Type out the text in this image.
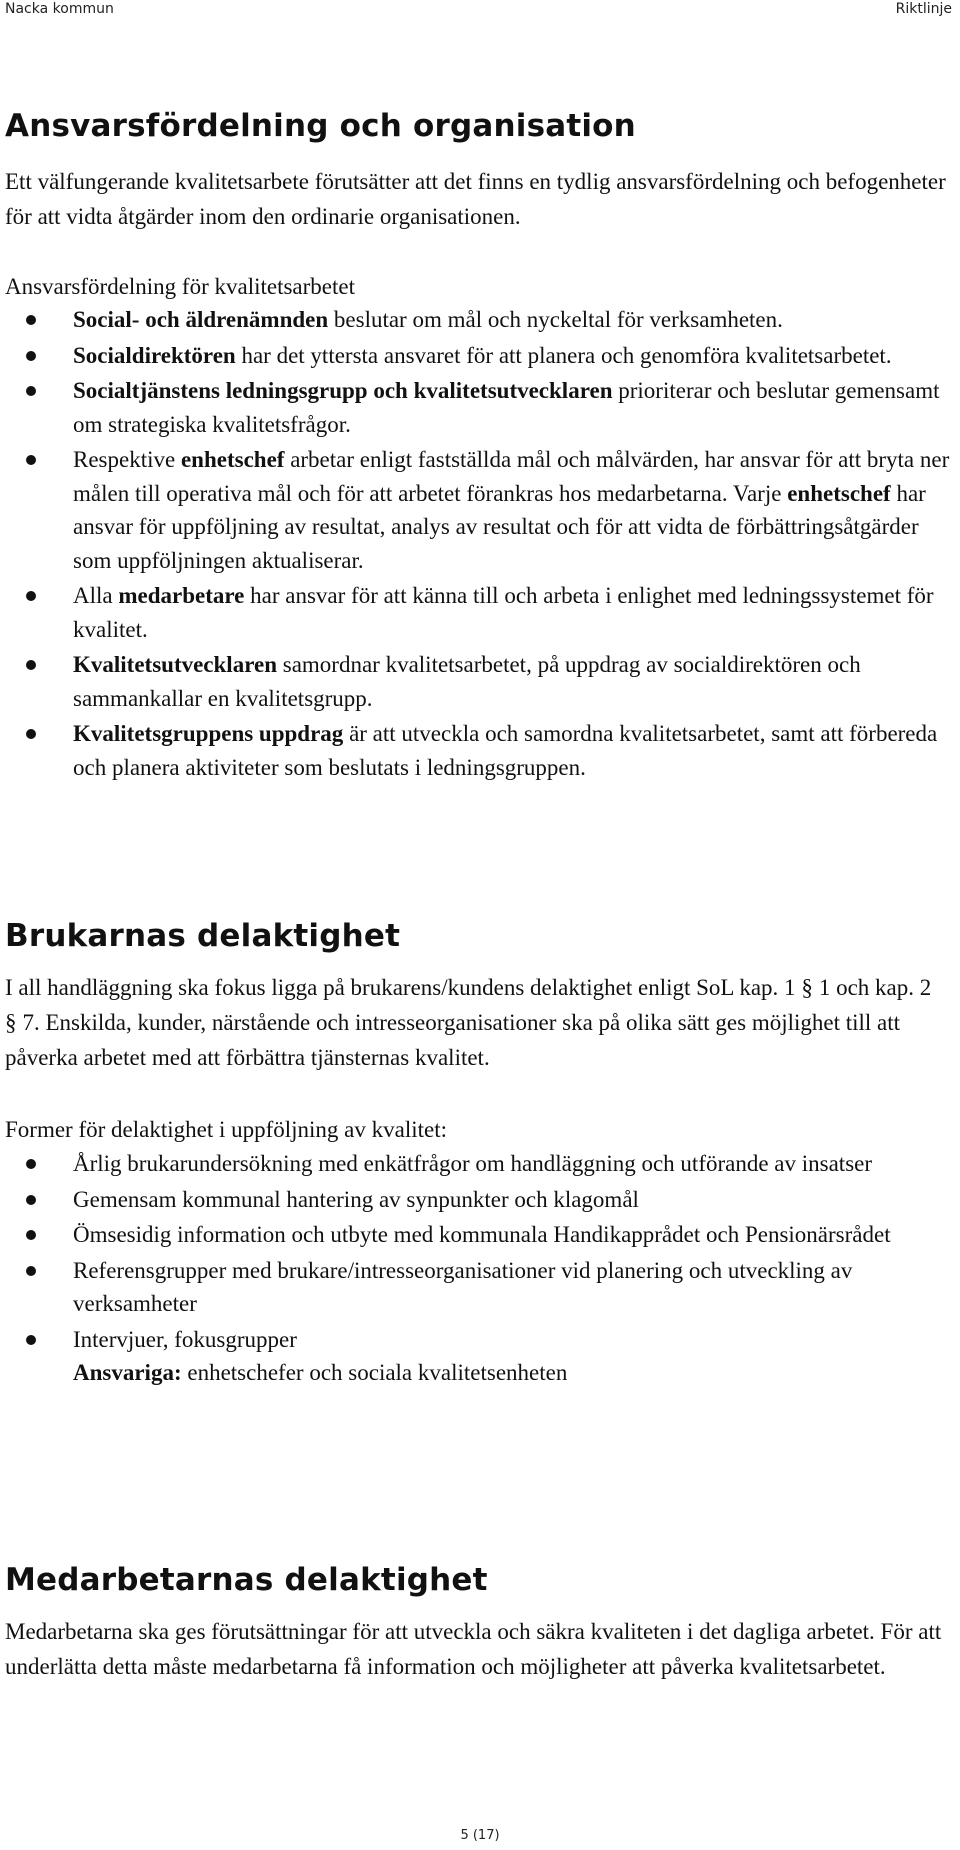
Nacka kommun	Riktlinje
Ansvarsfördelning och organisation

Ett välfungerande kvalitetsarbete förutsätter att det finns en tydlig ansvarsfördelning och befogenheter för att vidta åtgärder inom den ordinarie organisationen.

Ansvarsfördelning för kvalitetsarbetet

Social- och äldrenämnden beslutar om mål och nyckeltal för verksamheten.
Socialdirektören har det yttersta ansvaret för att planera och genomföra kvalitetsarbetet.
Socialtjänstens ledningsgrupp och kvalitetsutvecklaren prioriterar och beslutar gemensamt om strategiska kvalitetsfrågor.
Respektive enhetschef arbetar enligt fastställda mål och målvärden, har ansvar för att bryta ner målen till operativa mål och för att arbetet förankras hos medarbetarna. Varje enhetschef har ansvar för uppföljning av resultat, analys av resultat och för att vidta de förbättringsåtgärder som uppföljningen aktualiserar.
Alla medarbetare har ansvar för att känna till och arbeta i enlighet med ledningssystemet för kvalitet.
Kvalitetsutvecklaren samordnar kvalitetsarbetet, på uppdrag av socialdirektören och sammankallar en kvalitetsgrupp.
Kvalitetsgruppens uppdrag är att utveckla och samordna kvalitetsarbetet, samt att förbereda och planera aktiviteter som beslutats i ledningsgruppen.
Brukarnas delaktighet

I all handläggning ska fokus ligga på brukarens/kundens delaktighet enligt SoL kap. 1 § 1 och kap. 2 § 7. Enskilda, kunder, närstående och intresseorganisationer ska på olika sätt ges möjlighet till att påverka arbetet med att förbättra tjänsternas kvalitet.

Former för delaktighet i uppföljning av kvalitet:

Årlig brukarundersökning med enkätfrågor om handläggning och utförande av insatser
Gemensam kommunal hantering av synpunkter och klagomål
Ömsesidig information och utbyte med kommunala Handikapprådet och Pensionärsrådet
Referensgrupper med brukare/intresseorganisationer vid planering och utveckling av verksamheter
Intervjuer, fokusgrupper
Ansvariga: enhetschefer och sociala kvalitetsenheten
Medarbetarnas delaktighet

Medarbetarna ska ges förutsättningar för att utveckla och säkra kvaliteten i det dagliga arbetet. För att underlätta detta måste medarbetarna få information och möjligheter att påverka kvalitetsarbetet.

5 (17)
